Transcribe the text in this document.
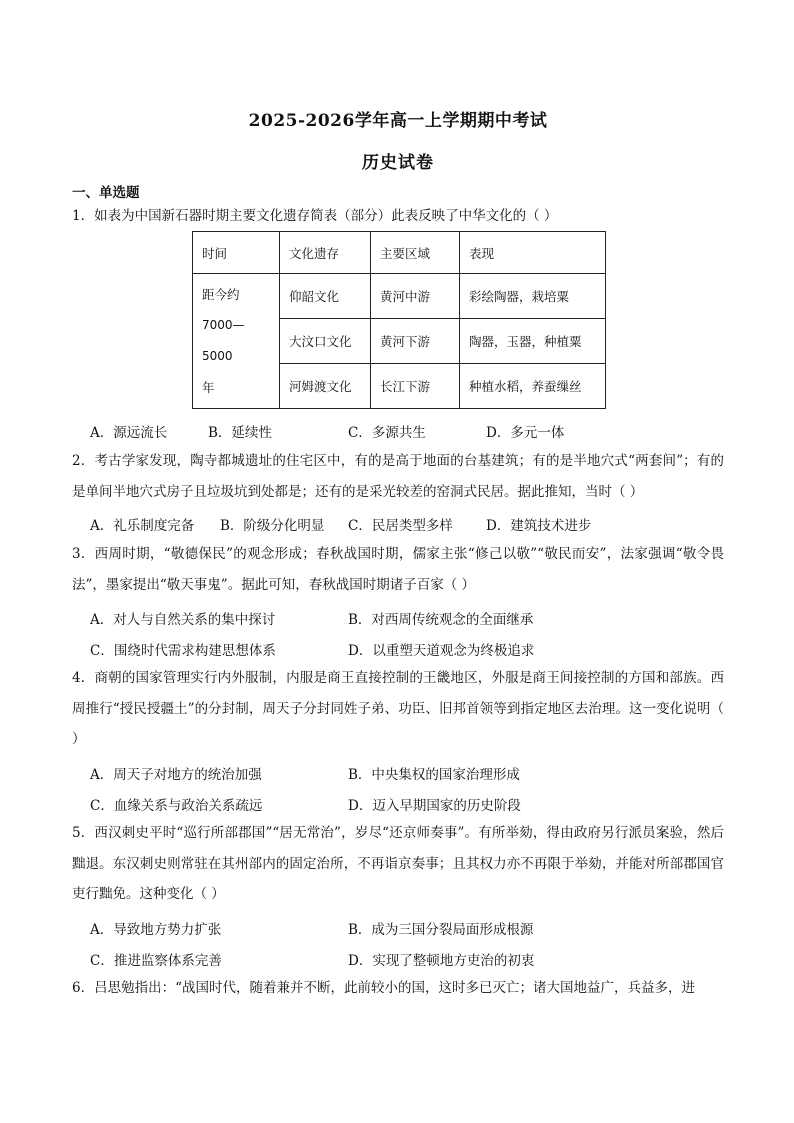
2025-2026学年高一上学期期中考试
历史试卷
一、单选题
1．如表为中国新石器时期主要文化遗存简表（部分）此表反映了中华文化的（ ）
时间	文化遗存	主要区域	表现

距今约
7000—5000
年	仰韶文化	黄河中游	彩绘陶器，栽培粟
	大汶口文化	黄河下游	陶器，玉器，种植粟
	河姆渡文化	长江下游	种植水稻，养蚕缫丝
A．源远流长	B．延续性	C．多源共生	D．多元一体
2．考古学家发现，陶寺都城遗址的住宅区中，有的是高于地面的台基建筑；有的是半地穴式“两套间”；有的是单间半地穴式房子且垃圾坑到处都是；还有的是采光较差的窑洞式民居。据此推知，当时（ ）
A．礼乐制度完备 B．阶级分化明显 C．民居类型多样 D．建筑技术进步
3．西周时期，“敬德保民”的观念形成；春秋战国时期，儒家主张“修己以敬”“敬民而安”，法家强调“敬令畏法”，墨家提出“敬天事鬼”。据此可知，春秋战国时期诸子百家（ ）
A．对人与自然关系的集中探讨	B．对西周传统观念的全面继承
C．围绕时代需求构建思想体系	D．以重塑天道观念为终极追求
4．商朝的国家管理实行内外服制，内服是商王直接控制的王畿地区，外服是商王间接控制的方国和部族。西周推行“授民授疆土”的分封制，周天子分封同姓子弟、功臣、旧邦首领等到指定地区去治理。这一变化说明（ ）
A．周天子对地方的统治加强	B．中央集权的国家治理形成
C．血缘关系与政治关系疏远	D．迈入早期国家的历史阶段
5．西汉刺史平时“巡行所部郡国”“居无常治”，岁尽“还京师奏事”。有所举劾，得由政府另行派员案验，然后黜退。东汉刺史则常驻在其州部内的固定治所，不再诣京奏事；且其权力亦不再限于举劾，并能对所部郡国官吏行黜免。这种变化（ ）
A．导致地方势力扩张	B．成为三国分裂局面形成根源
C．推进监察体系完善	D．实现了整顿地方吏治的初衷
6．吕思勉指出：“战国时代，随着兼并不断，此前较小的国，这时多已灭亡；诸大国地益广，兵益多，进
